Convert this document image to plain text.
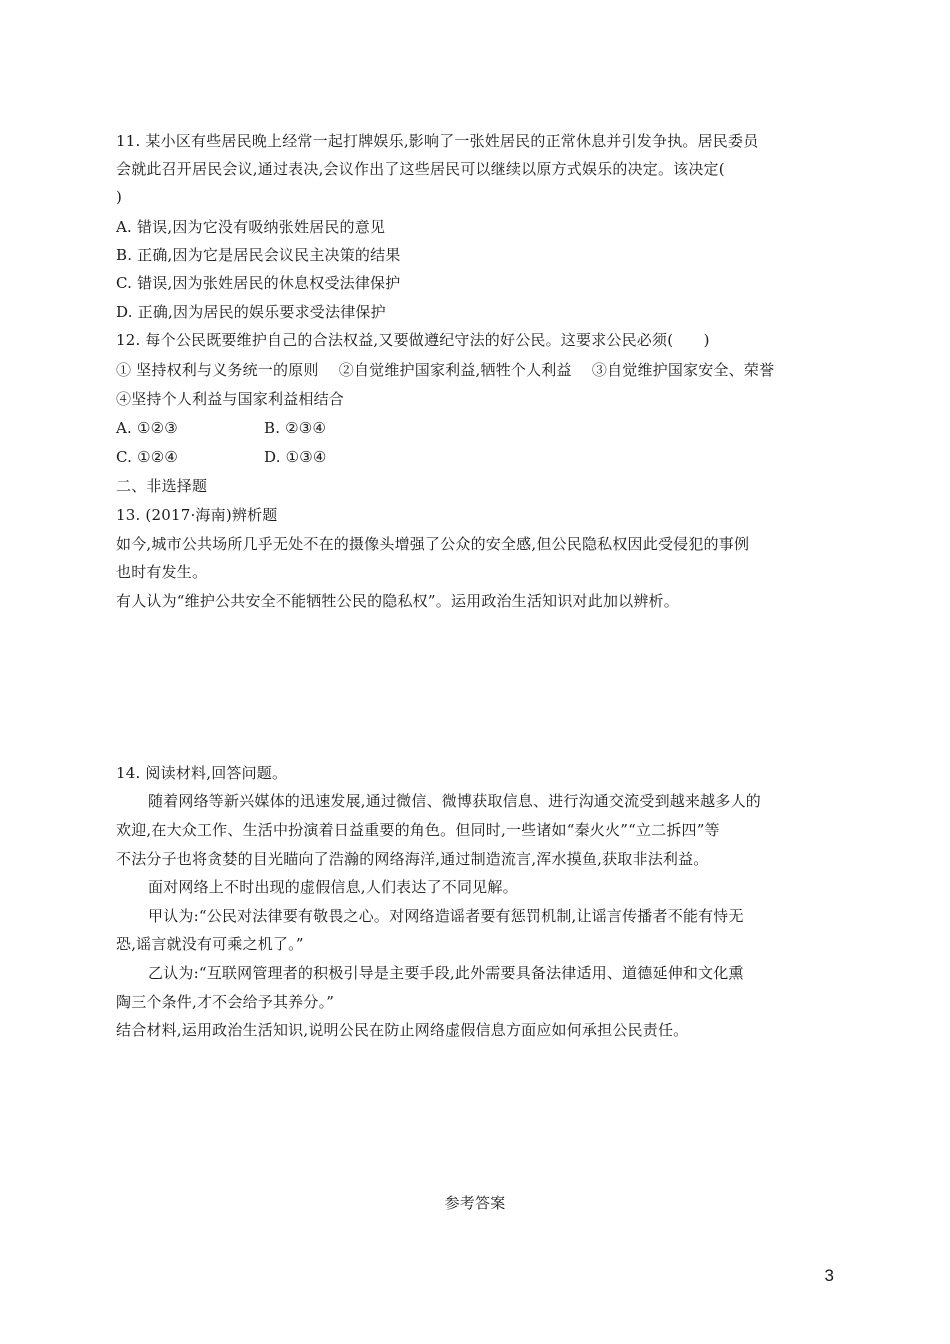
11. 某小区有些居民晚上经常一起打牌娱乐,影响了一张姓居民的正常休息并引发争执。居民委员
会就此召开居民会议,通过表决,会议作出了这些居民可以继续以原方式娱乐的决定。该决定(
)
A. 错误,因为它没有吸纳张姓居民的意见
B. 正确,因为它是居民会议民主决策的结果
C. 错误,因为张姓居民的休息权受法律保护
D. 正确,因为居民的娱乐要求受法律保护
12. 每个公民既要维护自己的合法权益,又要做遵纪守法的好公民。这要求公民必须(　　)
① 坚持权利与义务统一的原则　 ②自觉维护国家利益,牺牲个人利益　 ③自觉维护国家安全、荣誉
④坚持个人利益与国家利益相结合
A. ①②③	B. ②③④
C. ①②④	D. ①③④
二、非选择题
13. (2017·海南)辨析题
如今,城市公共场所几乎无处不在的摄像头增强了公众的安全感,但公民隐私权因此受侵犯的事例
也时有发生。
有人认为“维护公共安全不能牺牲公民的隐私权”。运用政治生活知识对此加以辨析。
14. 阅读材料,回答问题。
随着网络等新兴媒体的迅速发展,通过微信、微博获取信息、进行沟通交流受到越来越多人的
欢迎,在大众工作、生活中扮演着日益重要的角色。但同时,一些诸如“秦火火”“立二拆四”等
不法分子也将贪婪的目光瞄向了浩瀚的网络海洋,通过制造流言,浑水摸鱼,获取非法利益。
面对网络上不时出现的虚假信息,人们表达了不同见解。
甲认为:“公民对法律要有敬畏之心。对网络造谣者要有惩罚机制,让谣言传播者不能有恃无
恐,谣言就没有可乘之机了。”
乙认为:“互联网管理者的积极引导是主要手段,此外需要具备法律适用、道德延伸和文化熏
陶三个条件,才不会给予其养分。”
结合材料,运用政治生活知识,说明公民在防止网络虚假信息方面应如何承担公民责任。
参考答案
3
